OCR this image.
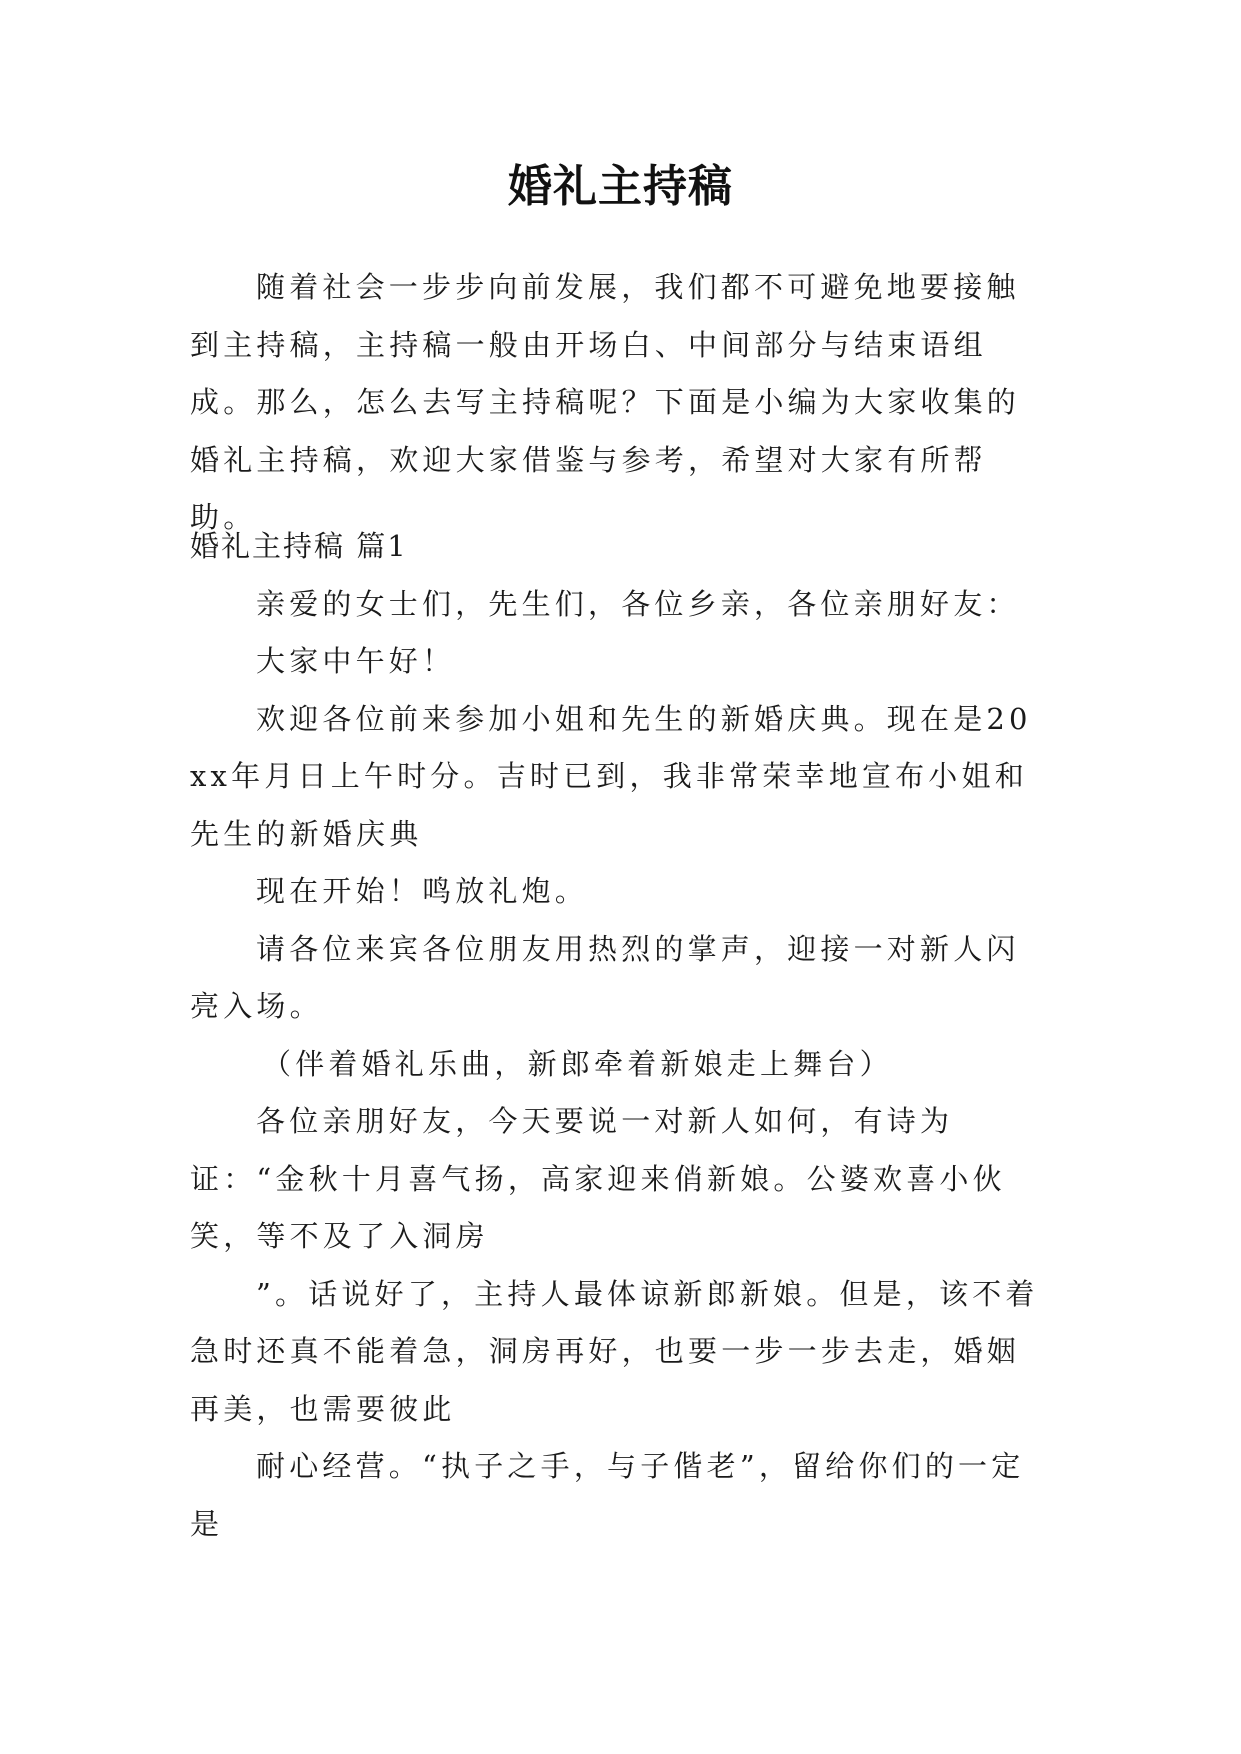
婚礼主持稿

随着社会一步步向前发展，我们都不可避免地要接触到主持稿，主持稿一般由开场白、中间部分与结束语组成。那么，怎么去写主持稿呢？下面是小编为大家收集的婚礼主持稿，欢迎大家借鉴与参考，希望对大家有所帮助。

婚礼主持稿 篇1

亲爱的女士们，先生们，各位乡亲，各位亲朋好友：

大家中午好！

欢迎各位前来参加小姐和先生的新婚庆典。现在是20xx年月日上午时分。吉时已到，我非常荣幸地宣布小姐和先生的新婚庆典

现在开始！鸣放礼炮。

请各位来宾各位朋友用热烈的掌声，迎接一对新人闪亮入场。

（伴着婚礼乐曲，新郎牵着新娘走上舞台）

各位亲朋好友，今天要说一对新人如何，有诗为证：“金秋十月喜气扬，高家迎来俏新娘。公婆欢喜小伙笑，等不及了入洞房

”。话说好了，主持人最体谅新郎新娘。但是，该不着急时还真不能着急，洞房再好，也要一步一步去走，婚姻再美，也需要彼此

耐心经营。“执子之手，与子偕老”，留给你们的一定是
